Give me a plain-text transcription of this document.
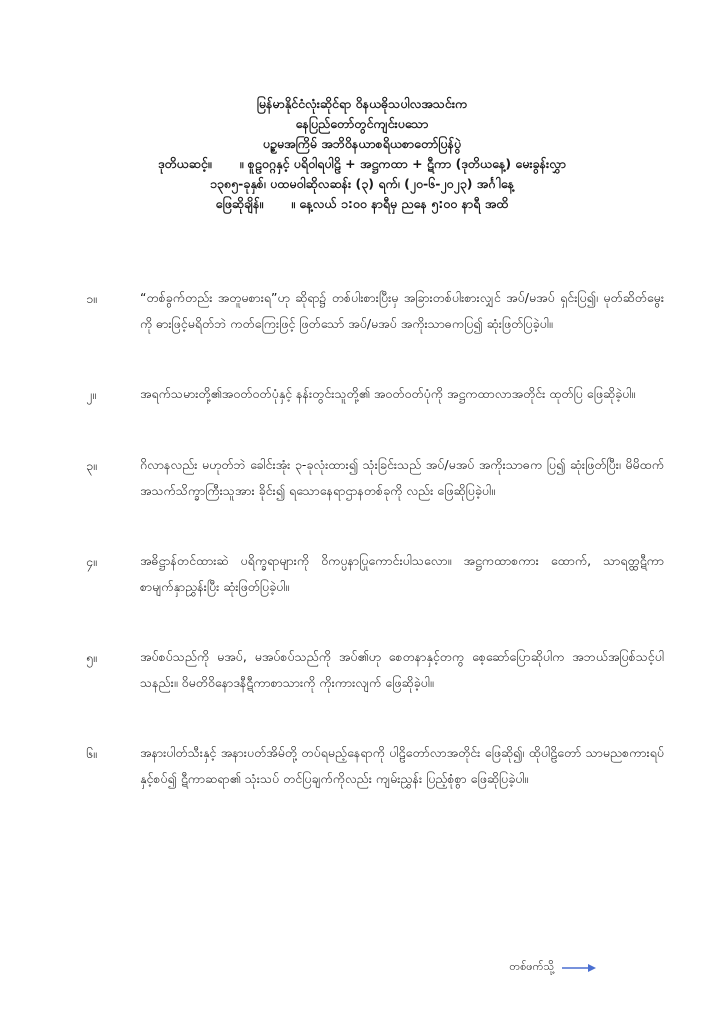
မြန်မာနိုင်ငံလုံးဆိုင်ရာ ဝိနယဓိုသပါလအသင်းက
နေပြည်တော်တွင်ကျင်းပသော
ပဉ္စမအကြိမ် အဘိဝိနယာစရိယစာတော်ပြန်ပွဲ
ဒုတိယဆင့်။ ။ စူဠဝဂ္ဂနှင့် ပရိဝါရပါဠိ + အဋ္ဌကထာ + ဋီကာ (ဒုတိယနေ့) မေးခွန်းလွှာ
၁၃၈၅-ခုနှစ်၊ ပထမဝါဆိုလဆန်း (၃) ရက်၊ (၂၀-၆-၂၀၂၃) အင်္ဂါနေ့
ဖြေဆိုချိန်။ ။ နေ့လယ် ၁:၀၀ နာရီမှ ညနေ ၅:၀၀ နာရီ အထိ
၁။	“တစ်ခွက်တည်း အတူမစားရ”ဟု ဆိုရာ၌ တစ်ပါးစားပြီးမှ အခြားတစ်ပါးစားလျှင် အပ်/မအပ် ရှင်းပြ၍၊ မုတ်ဆိတ်မွေးကို ဓားဖြင့်မရိတ်ဘဲ ကတ်ကြေးဖြင့် ဖြတ်သော် အပ်/မအပ် အကိုးသာဓကပြ၍ ဆုံးဖြတ်ပြခဲ့ပါ။
၂။	အရက်သမားတို့၏အဝတ်ဝတ်ပုံနှင့် နန်းတွင်းသူတို့၏ အဝတ်ဝတ်ပုံကို အဋ္ဌကထာလာအတိုင်း ထုတ်ပြ ဖြေဆိုခဲ့ပါ။
၃။	ဂိလာနလည်း မဟုတ်ဘဲ ခေါင်းအုံး ၃-ခုလုံးထား၍ သုံးခြင်းသည် အပ်/မအပ် အကိုးသာဓက ပြ၍ ဆုံးဖြတ်ပြီး၊ မိမိထက် အသက်သိက္ခာကြီးသူအား ခိုင်း၍ ရသောနေရာဌာနတစ်ခုကို လည်း ဖြေဆိုပြခဲ့ပါ။
၄။	အဓိဋ္ဌာန်တင်ထားဆဲ ပရိက္ခရာများကို ဝိကပ္ပနာပြုကောင်းပါသလော။ အဋ္ဌကထာစကား ထောက်, သာရတ္ထဋီကာ စာမျက်နှာညွှန်းပြီး ဆုံးဖြတ်ပြခဲ့ပါ။
၅။	အပ်စပ်သည်ကို မအပ်, မအပ်စပ်သည်ကို အပ်၏ဟု စေတနာနှင့်တကွ စေ့ဆော်ပြောဆိုပါက အဘယ်အပြစ်သင့်ပါသနည်း။ ဝိမတိဝိနောဒနီဋီကာစာသားကို ကိုးကားလျက် ဖြေဆိုခဲ့ပါ။
၆။	အနားပါတ်သီးနှင့် အနားပတ်အိမ်တို့ တပ်ရမည့်နေရာကို ပါဠိတော်လာအတိုင်း ဖြေဆို၍၊ ထိုပါဠိတော် သာမညစကားရပ်နှင့်စပ်၍ ဋီကာဆရာ၏ သုံးသပ် တင်ပြချက်ကိုလည်း ကျမ်းညွှန်း ပြည့်စုံစွာ ဖြေဆိုပြခဲ့ပါ။
တစ်ဖက်သို့
